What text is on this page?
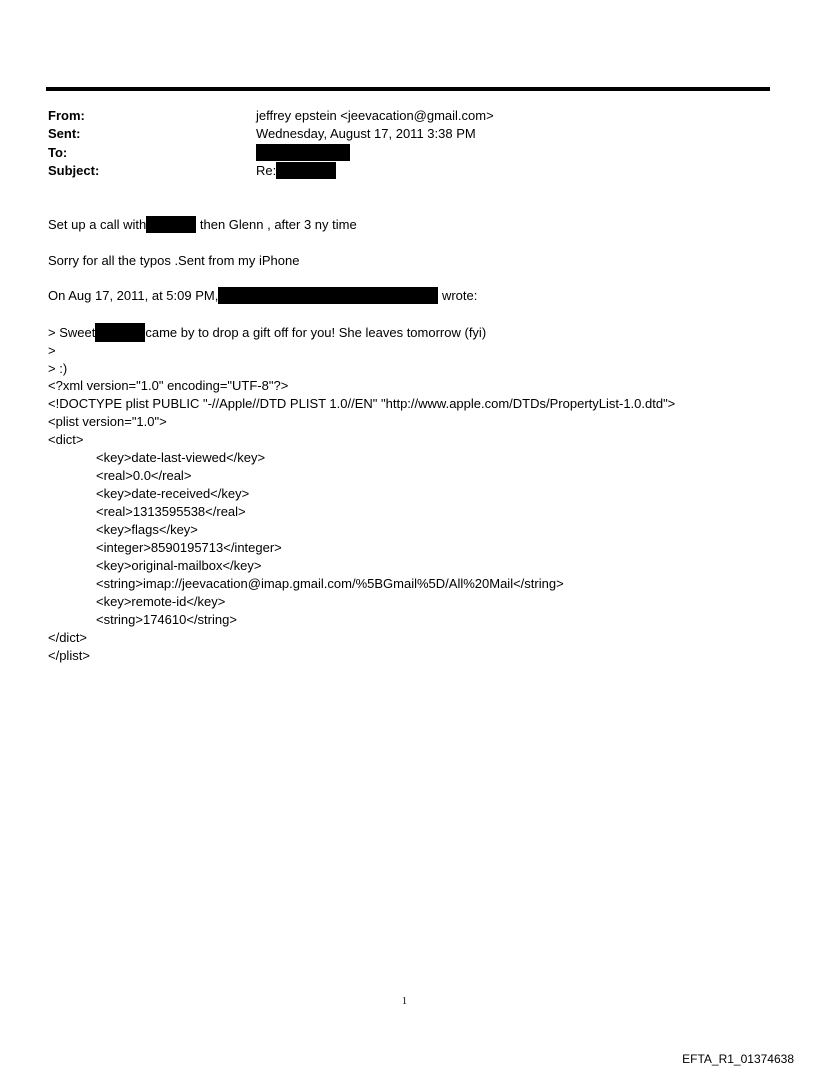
From:	jeffrey epstein <jeevacation@gmail.com>
Sent:	Wednesday, August 17, 2011 3:38 PM
To:
Subject:	Re:
Set up a call with	then Glenn , after 3 ny time
Sorry for all the typos .Sent from my iPhone
On Aug 17, 2011, at 5:09 PM,	wrote:
> Sweet	came by to drop a gift off for you! She leaves tomorrow (fyi)
>
> :)
<?xml version="1.0" encoding="UTF-8"?>
<!DOCTYPE plist PUBLIC "-//Apple//DTD PLIST 1.0//EN" "http://www.apple.com/DTDs/PropertyList-1.0.dtd">
<plist version="1.0">
<dict>
<key>date-last-viewed</key>
<real>0.0</real>
<key>date-received</key>
<real>1313595538</real>
<key>flags</key>
<integer>8590195713</integer>
<key>original-mailbox</key>
<string>imap://jeevacation@imap.gmail.com/%5BGmail%5D/All%20Mail</string>
<key>remote-id</key>
<string>174610</string>
</dict>
</plist>
1
EFTA_R1_01374638
